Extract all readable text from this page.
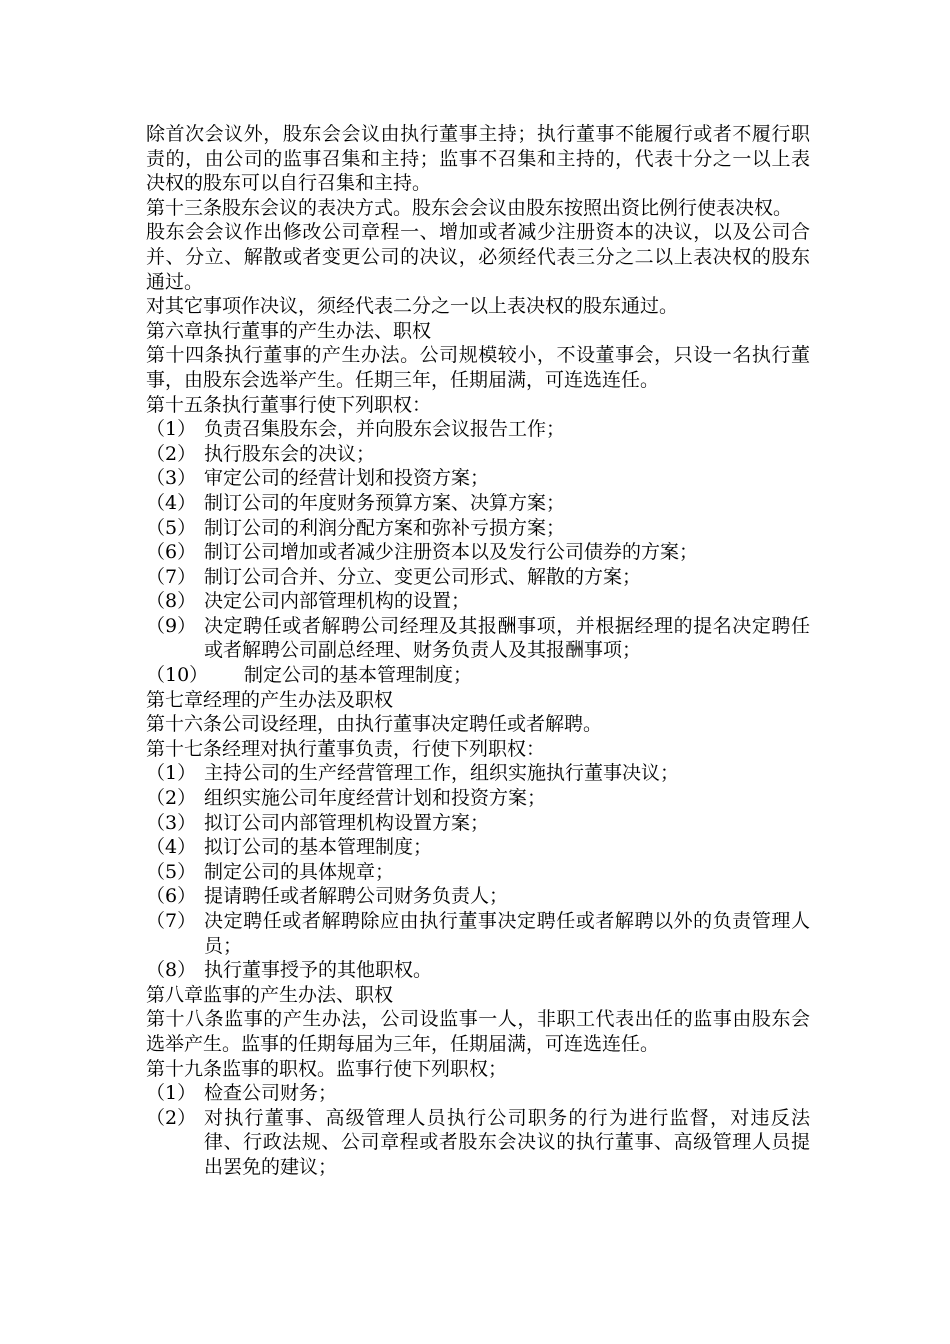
除首次会议外，股东会会议由执行董事主持；执行董事不能履行或者不履行职责的，由公司的监事召集和主持；监事不召集和主持的，代表十分之一以上表决权的股东可以自行召集和主持。

第十三条股东会议的表决方式。股东会会议由股东按照出资比例行使表决权。

股东会会议作出修改公司章程一、增加或者减少注册资本的决议，以及公司合并、分立、解散或者变更公司的决议，必须经代表三分之二以上表决权的股东通过。

对其它事项作决议，须经代表二分之一以上表决权的股东通过。

第六章执行董事的产生办法、职权

第十四条执行董事的产生办法。公司规模较小，不设董事会，只设一名执行董事，由股东会选举产生。任期三年，任期届满，可连选连任。

第十五条执行董事行使下列职权：

（1） 负责召集股东会，并向股东会议报告工作；
（2） 执行股东会的决议；
（3） 审定公司的经营计划和投资方案；
（4） 制订公司的年度财务预算方案、决算方案；
（5） 制订公司的利润分配方案和弥补亏损方案；
（6） 制订公司增加或者减少注册资本以及发行公司债券的方案；
（7） 制订公司合并、分立、变更公司形式、解散的方案；
（8） 决定公司内部管理机构的设置；
（9） 决定聘任或者解聘公司经理及其报酬事项，并根据经理的提名决定聘任或者解聘公司副总经理、财务负责人及其报酬事项；
（10）	制定公司的基本管理制度；

第七章经理的产生办法及职权

第十六条公司设经理，由执行董事决定聘任或者解聘。

第十七条经理对执行董事负责，行使下列职权：

（1） 主持公司的生产经营管理工作，组织实施执行董事决议；
（2） 组织实施公司年度经营计划和投资方案；
（3） 拟订公司内部管理机构设置方案；
（4） 拟订公司的基本管理制度；
（5） 制定公司的具体规章；
（6） 提请聘任或者解聘公司财务负责人；
（7） 决定聘任或者解聘除应由执行董事决定聘任或者解聘以外的负责管理人员；
（8） 执行董事授予的其他职权。

第八章监事的产生办法、职权

第十八条监事的产生办法，公司设监事一人，非职工代表出任的监事由股东会选举产生。监事的任期每届为三年，任期届满，可连选连任。

第十九条监事的职权。监事行使下列职权；

（1） 检查公司财务；
（2） 对执行董事、高级管理人员执行公司职务的行为进行监督，对违反法律、行政法规、公司章程或者股东会决议的执行董事、高级管理人员提出罢免的建议；
